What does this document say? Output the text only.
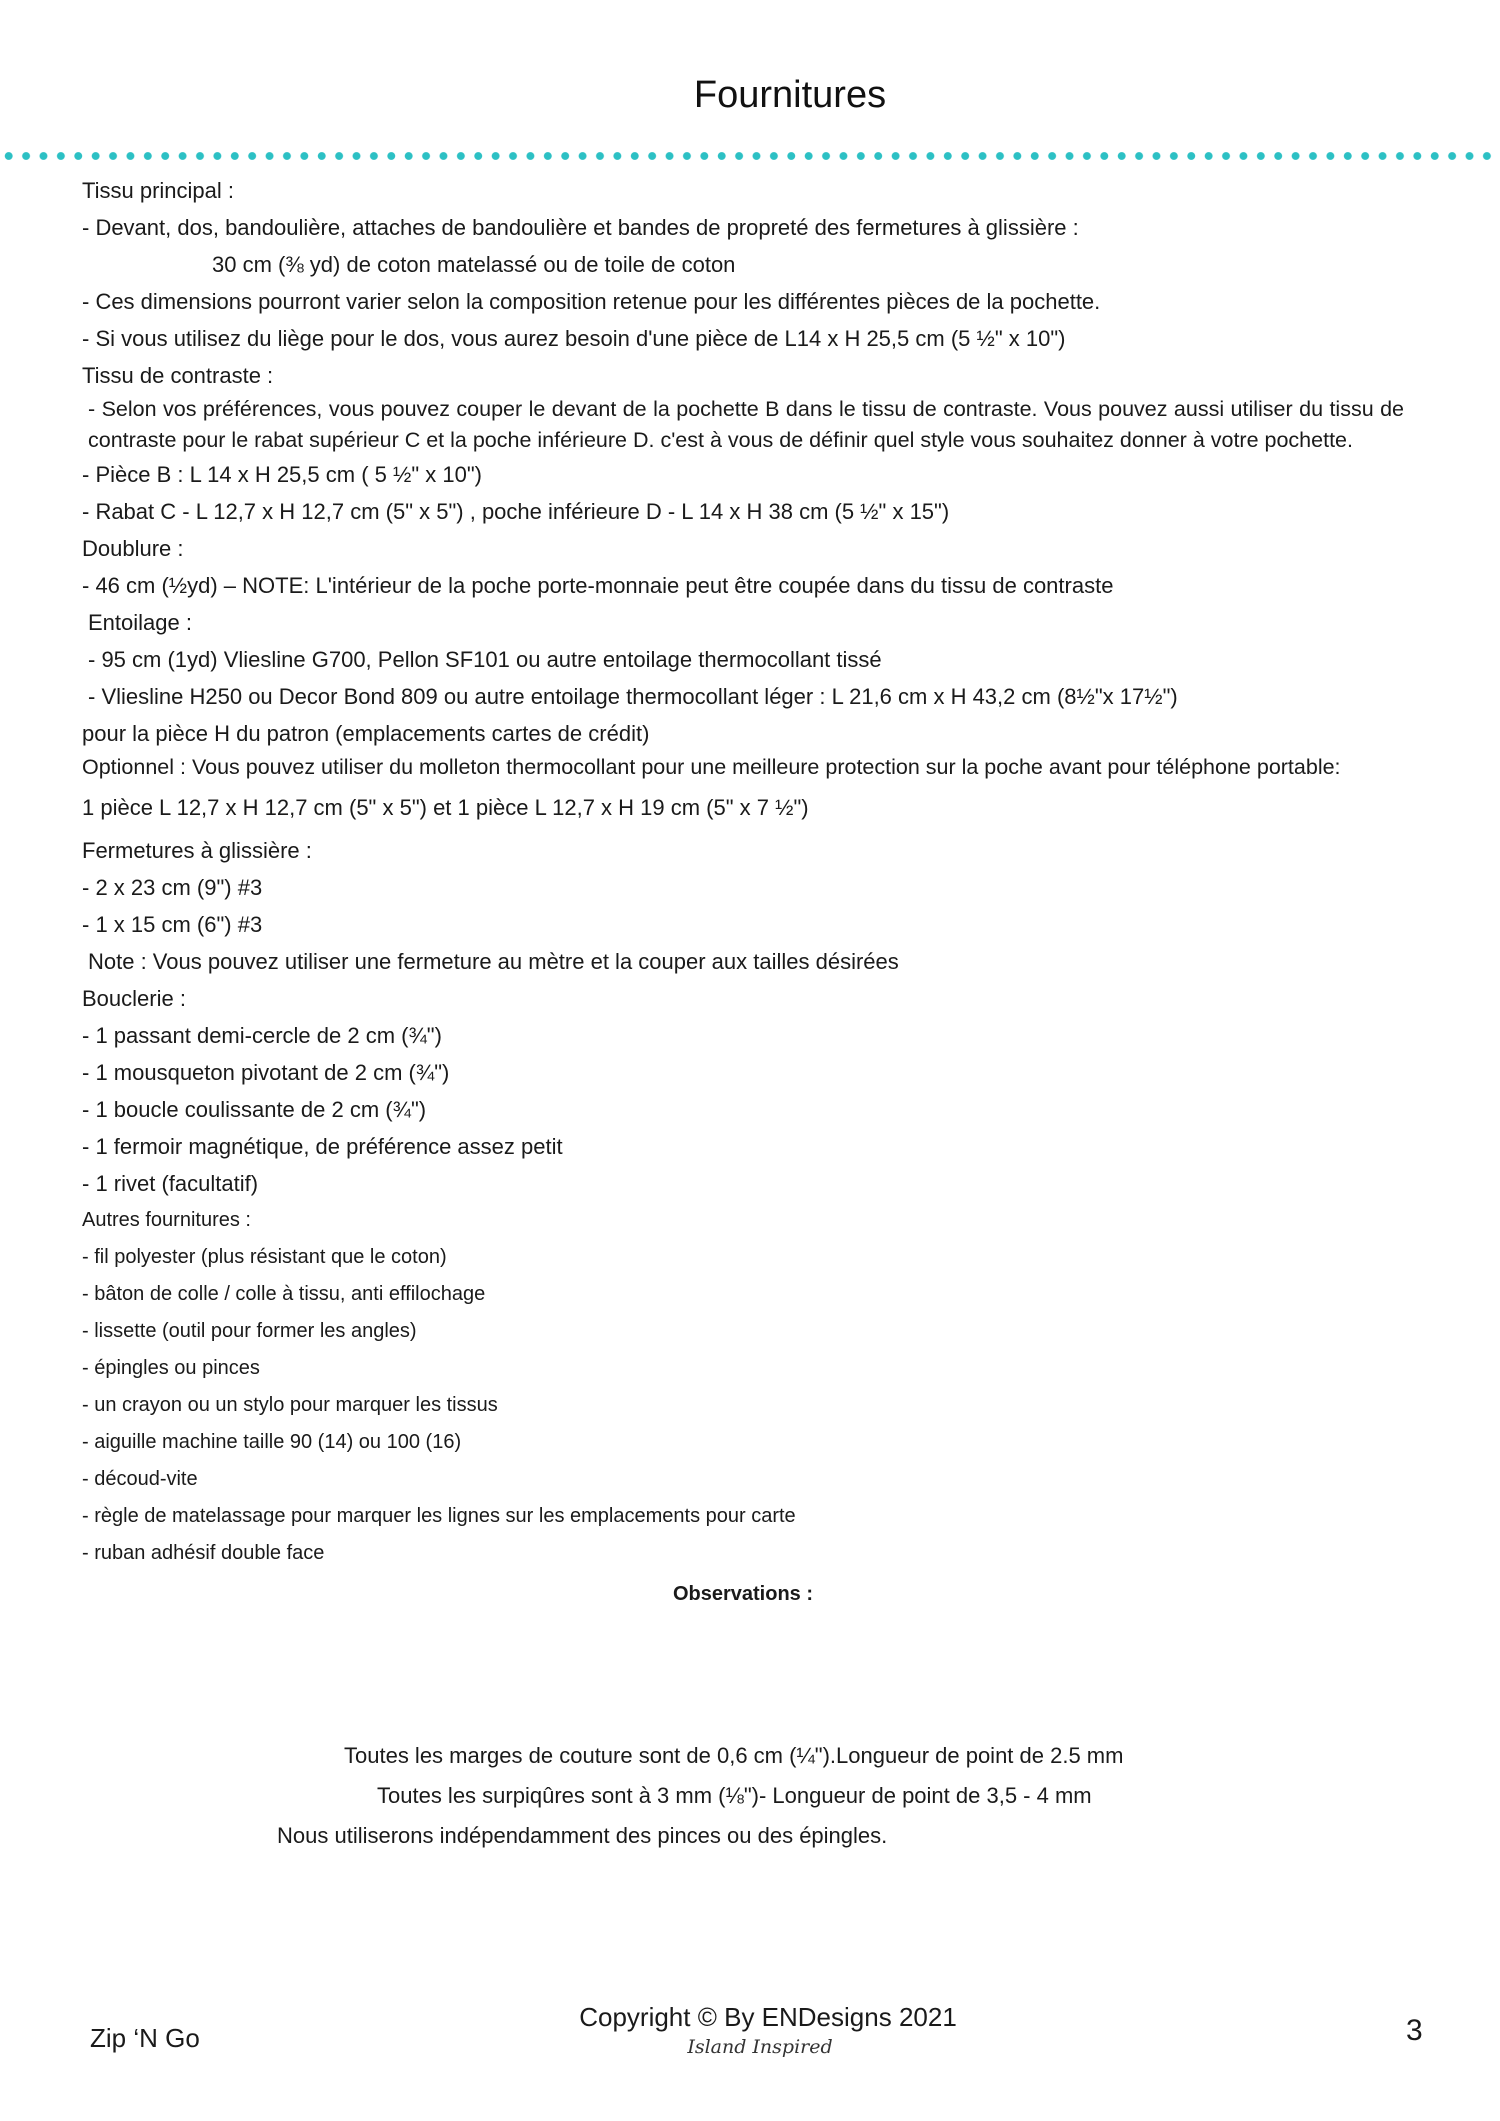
Fournitures

Tissu principal :

- Devant, dos, bandoulière, attaches de bandoulière et bandes de propreté des fermetures à glissière :

30 cm (⅜ yd) de coton matelassé ou de toile de coton

- Ces dimensions pourront varier selon la composition retenue pour les différentes pièces de la pochette.

- Si vous utilisez du liège pour le dos, vous aurez besoin d'une pièce de L14 x H 25,5 cm (5 ½" x 10")

Tissu de contraste :

- Selon vos préférences, vous pouvez couper le devant de la pochette B dans le tissu de contraste. Vous pouvez aussi utiliser du tissu de contraste pour le rabat supérieur C et la poche inférieure D. c'est à vous de définir quel style vous souhaitez donner à votre pochette.

- Pièce B : L 14 x H 25,5 cm ( 5 ½" x 10")

- Rabat C - L 12,7 x H 12,7 cm (5" x 5") , poche inférieure D - L 14 x H 38 cm (5 ½" x 15")

Doublure :

- 46 cm (½yd) – NOTE: L'intérieur de la poche porte-monnaie peut être coupée dans du tissu de contraste

Entoilage :

- 95 cm (1yd) Vliesline G700, Pellon SF101 ou autre entoilage thermocollant tissé

- Vliesline H250 ou Decor Bond 809 ou autre entoilage thermocollant léger : L 21,6 cm x H 43,2 cm (8½"x 17½")

pour la pièce H du patron (emplacements cartes de crédit)

Optionnel : Vous pouvez utiliser du molleton thermocollant pour une meilleure protection sur la poche avant pour téléphone portable:

1 pièce L 12,7 x H 12,7 cm (5" x 5") et 1 pièce L 12,7 x H 19 cm (5" x 7 ½")

Fermetures à glissière :

- 2 x 23 cm (9") #3

- 1 x 15 cm (6") #3

Note : Vous pouvez utiliser une fermeture au mètre et la couper aux tailles désirées

Bouclerie :

- 1 passant demi-cercle de 2 cm (¾")

- 1 mousqueton pivotant de 2 cm (¾")

- 1 boucle coulissante de 2 cm (¾")

- 1 fermoir magnétique, de préférence assez petit

- 1 rivet (facultatif)

Autres fournitures :

- fil polyester (plus résistant que le coton)

- bâton de colle / colle à tissu, anti effilochage

- lissette (outil pour former les angles)

- épingles ou pinces

- un crayon ou un stylo pour marquer les tissus

- aiguille machine taille 90 (14) ou 100 (16)

- découd-vite

- règle de matelassage pour marquer les lignes sur les emplacements pour carte

- ruban adhésif double face

Observations :

Toutes les marges de couture sont de 0,6 cm (¼").Longueur de point de 2.5 mm

Toutes les surpiqûres sont à 3 mm (⅛")- Longueur de point de 3,5 - 4 mm

Nous utiliserons indépendamment des pinces ou des épingles.

Zip ‘N Go
Copyright © By ENDesigns 2021
Island Inspired	3
